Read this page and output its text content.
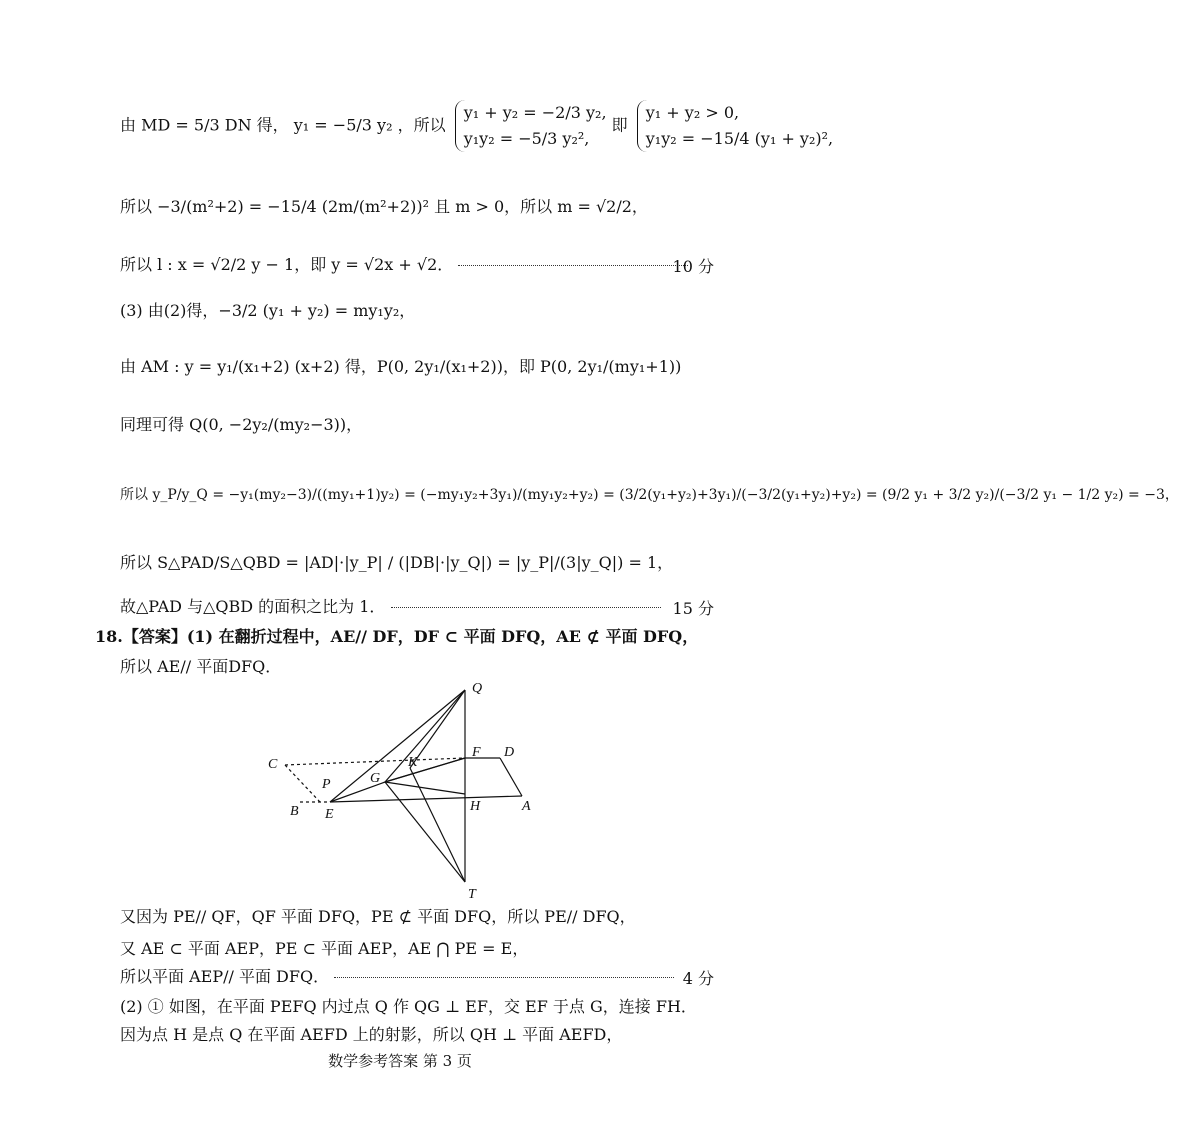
由 MD = 5/3 DN 得， y₁ = −5/3 y₂ ，所以
y₁ + y₂ = −2/3 y₂,
y₁y₂ = −5/3 y₂²,
即
y₁ + y₂ > 0,
y₁y₂ = −15/4 (y₁ + y₂)²,
所以 −3/(m²+2) = −15/4 (2m/(m²+2))² 且 m > 0，所以 m = √2/2，
所以 l : x = √2/2 y − 1，即 y = √2x + √2．	10 分
(3) 由(2)得，−3/2 (y₁ + y₂) = my₁y₂，
由 AM : y = y₁/(x₁+2) (x+2) 得，P(0, 2y₁/(x₁+2))，即 P(0, 2y₁/(my₁+1))
同理可得 Q(0, −2y₂/(my₂−3))，
所以 y_P/y_Q = −y₁(my₂−3)/((my₁+1)y₂) = (−my₁y₂+3y₁)/(my₁y₂+y₂) = (3/2(y₁+y₂)+3y₁)/(−3/2(y₁+y₂)+y₂) = (9/2 y₁ + 3/2 y₂)/(−3/2 y₁ − 1/2 y₂) = −3，
所以 S△PAD/S△QBD = |AD|·|y_P| / (|DB|·|y_Q|) = |y_P|/(3|y_Q|) = 1，
故△PAD 与△QBD 的面积之比为 1．	15 分
18.【答案】(1) 在翻折过程中，AE// DF，DF ⊂ 平面 DFQ，AE ⊄ 平面 DFQ，
所以 AE// 平面DFQ．
Q
F D
C	K
G
P
B E
H	A
T
又因为 PE// QF，QF 平面 DFQ，PE ⊄ 平面 DFQ，所以 PE// DFQ，
又 AE ⊂ 平面 AEP，PE ⊂ 平面 AEP，AE ⋂ PE = E，
所以平面 AEP// 平面 DFQ．	4 分
(2) ① 如图，在平面 PEFQ 内过点 Q 作 QG ⊥ EF，交 EF 于点 G，连接 FH．
因为点 H 是点 Q 在平面 AEFD 上的射影，所以 QH ⊥ 平面 AEFD，
数学参考答案 第 3 页
